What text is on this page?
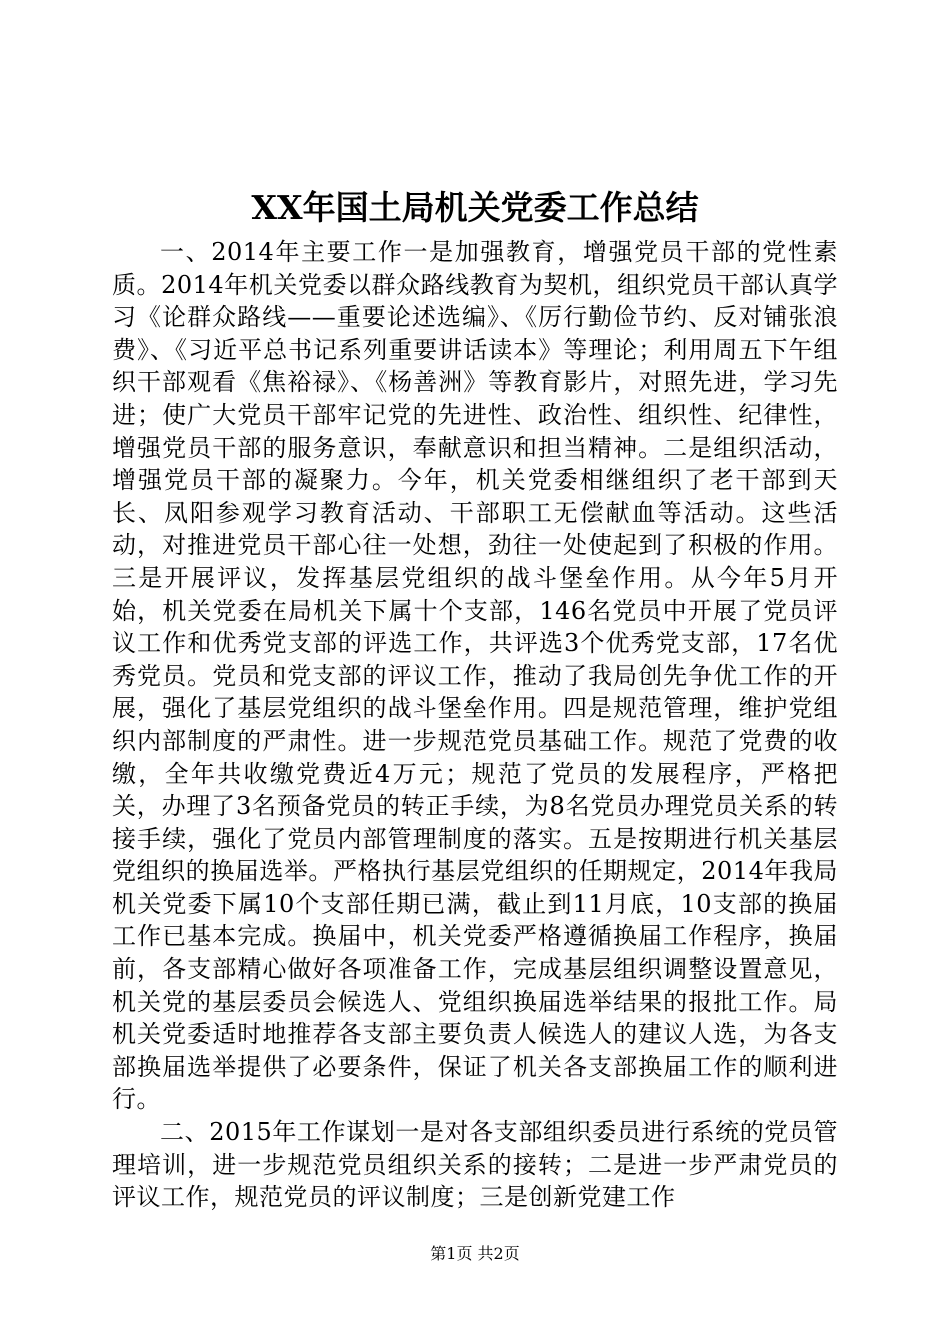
XX年国土局机关党委工作总结

一、2014年主要工作一是加强教育，增强党员干部的党性素质。2014年机关党委以群众路线教育为契机，组织党员干部认真学习《论群众路线——重要论述选编》、《厉行勤俭节约、反对铺张浪费》、《习近平总书记系列重要讲话读本》等理论；利用周五下午组织干部观看《焦裕禄》、《杨善洲》等教育影片，对照先进，学习先进；使广大党员干部牢记党的先进性、政治性、组织性、纪律性，增强党员干部的服务意识，奉献意识和担当精神。二是组织活动，增强党员干部的凝聚力。今年，机关党委相继组织了老干部到天长、凤阳参观学习教育活动、干部职工无偿献血等活动。这些活动，对推进党员干部心往一处想，劲往一处使起到了积极的作用。三是开展评议，发挥基层党组织的战斗堡垒作用。从今年5月开始，机关党委在局机关下属十个支部，146名党员中开展了党员评议工作和优秀党支部的评选工作，共评选3个优秀党支部，17名优秀党员。党员和党支部的评议工作，推动了我局创先争优工作的开展，强化了基层党组织的战斗堡垒作用。四是规范管理，维护党组织内部制度的严肃性。进一步规范党员基础工作。规范了党费的收缴，全年共收缴党费近4万元；规范了党员的发展程序，严格把关，办理了3名预备党员的转正手续，为8名党员办理党员关系的转接手续，强化了党员内部管理制度的落实。五是按期进行机关基层党组织的换届选举。严格执行基层党组织的任期规定，2014年我局机关党委下属10个支部任期已满，截止到11月底，10支部的换届工作已基本完成。换届中，机关党委严格遵循换届工作程序，换届前，各支部精心做好各项准备工作，完成基层组织调整设置意见，机关党的基层委员会候选人、党组织换届选举结果的报批工作。局机关党委适时地推荐各支部主要负责人候选人的建议人选，为各支部换届选举提供了必要条件，保证了机关各支部换届工作的顺利进行。

二、2015年工作谋划一是对各支部组织委员进行系统的党员管理培训，进一步规范党员组织关系的接转；二是进一步严肃党员的评议工作，规范党员的评议制度；三是创新党建工作

第1页 共2页
